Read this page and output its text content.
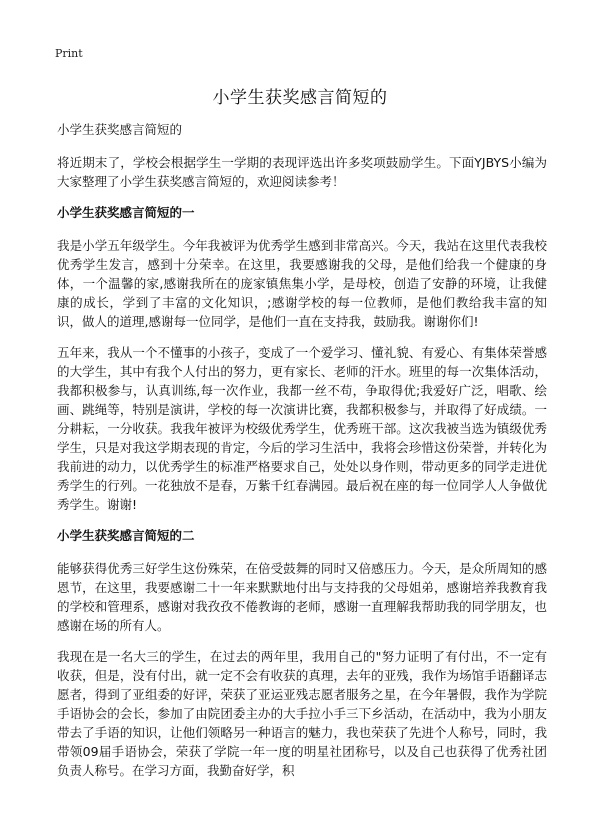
Print
小学生获奖感言简短的

小学生获奖感言简短的

将近期末了，学校会根据学生一学期的表现评选出许多奖项鼓励学生。下面YJBYS小编为大家整理了小学生获奖感言简短的，欢迎阅读参考！

小学生获奖感言简短的一

我是小学五年级学生。今年我被评为优秀学生感到非常高兴。今天，我站在这里代表我校优秀学生发言，感到十分荣幸。在这里，我要感谢我的父母，是他们给我一个健康的身体，一个温馨的家,感谢我所在的庞家镇焦集小学，是母校，创造了安静的环境，让我健康的成长，学到了丰富的文化知识，;感谢学校的每一位教师，是他们教给我丰富的知识，做人的道理,感谢每一位同学，是他们一直在支持我，鼓励我。谢谢你们!

五年来，我从一个不懂事的小孩子，变成了一个爱学习、懂礼貌、有爱心、有集体荣誉感的大学生，其中有我个人付出的努力，更有家长、老师的汗水。班里的每一次集体活动，我都积极参与，认真训练,每一次作业，我都一丝不苟，争取得优;我爱好广泛，唱歌、绘画、跳绳等，特别是演讲，学校的每一次演讲比赛，我都积极参与，并取得了好成绩。一分耕耘，一分收获。我我年被评为校级优秀学生，优秀班干部。这次我被当选为镇级优秀学生，只是对我这学期表现的肯定，今后的学习生活中，我将会珍惜这份荣誉，并转化为我前进的动力，以优秀学生的标准严格要求自己，处处以身作则，带动更多的同学走进优秀学生的行列。一花独放不是春，万紫千红春满园。最后祝在座的每一位同学人人争做优秀学生。谢谢!

小学生获奖感言简短的二

能够获得优秀三好学生这份殊荣，在倍受鼓舞的同时又倍感压力。今天，是众所周知的感恩节，在这里，我要感谢二十一年来默默地付出与支持我的父母姐弟，感谢培养我教育我的学校和管理系，感谢对我孜孜不倦教诲的老师，感谢一直理解我帮助我的同学朋友，也感谢在场的所有人。

我现在是一名大三的学生，在过去的两年里，我用自己的"努力证明了有付出，不一定有收获，但是，没有付出，就一定不会有收获的真理，去年的亚残，我作为场馆手语翻译志愿者，得到了亚组委的好评，荣获了亚运亚残志愿者服务之星，在今年暑假，我作为学院手语协会的会长，参加了由院团委主办的大手拉小手三下乡活动，在活动中，我为小朋友带去了手语的知识，让他们领略另一种语言的魅力，我也荣获了先进个人称号，同时，我带领09届手语协会，荣获了学院一年一度的明星社团称号，以及自己也获得了优秀社团负责人称号。在学习方面，我勤奋好学，积
